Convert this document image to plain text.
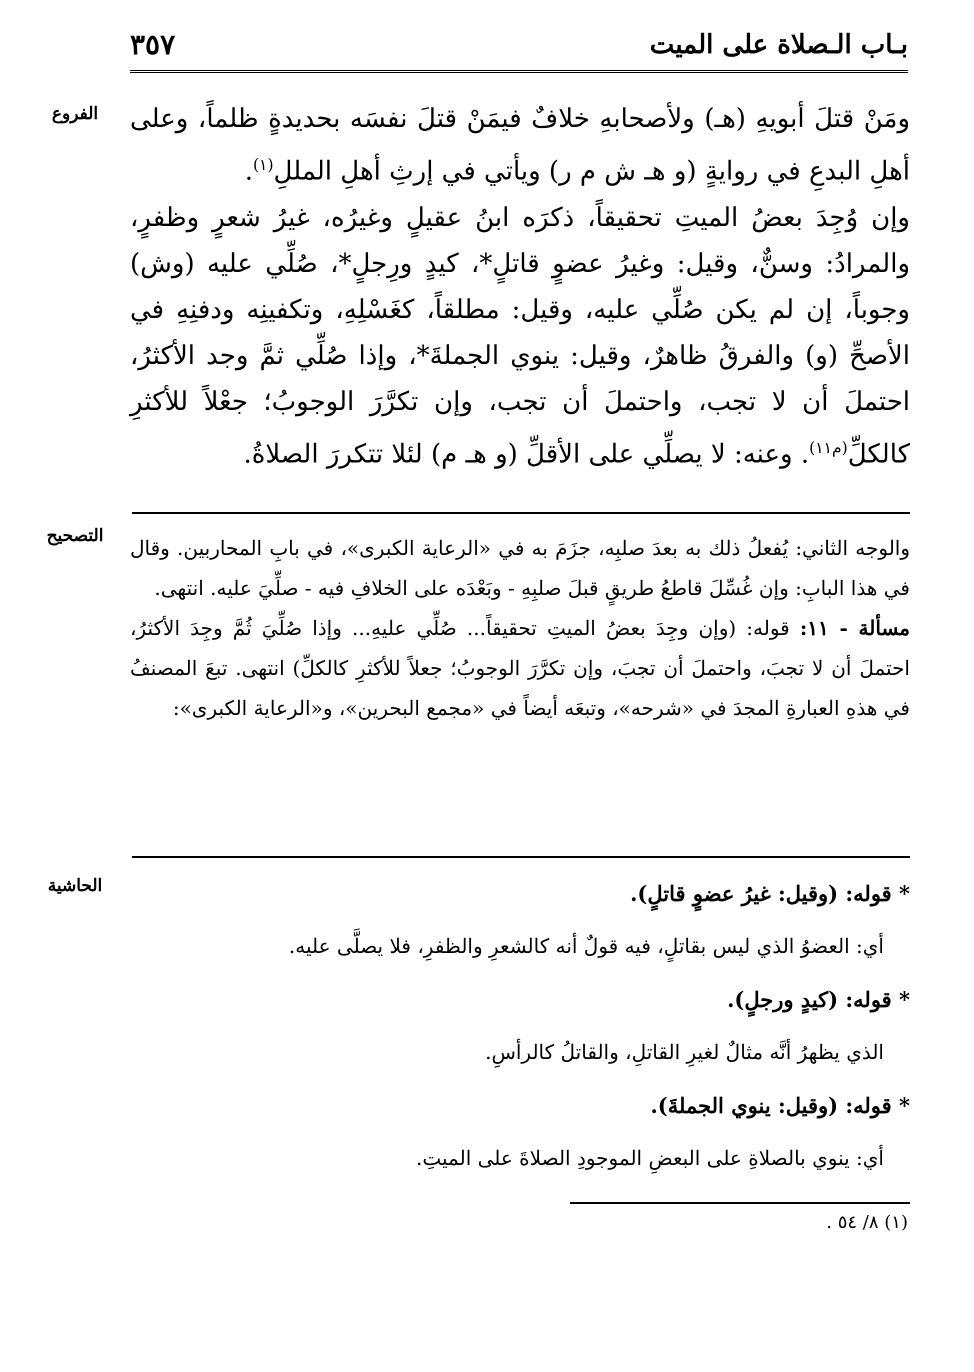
بـاب الـصلاة على الميت
٣٥٧
الفروع
التصحيح
الحاشية

ومَنْ قتلَ أبويهِ (هـ) ولأصحابهِ خلافٌ فيمَنْ قتلَ نفسَه بحديدةٍ ظلماً، وعلى أهلِ البدعِ في روايةٍ (و هـ ش م ر) ويأتي في إرثِ أهلِ المللِ$^{(١)}$.

وإن وُجِدَ بعضُ الميتِ تحقيقاً، ذكرَه ابنُ عقيلٍ وغيرُه، غيرُ شعرٍ وظفرٍ، والمرادُ: وسنٌّ، وقيل: وغيرُ عضوٍ قاتلٍ*، كيدٍ ورِجلٍ*، صُلِّي عليه (وش) وجوباً، إن لم يكن صُلِّي عليه، وقيل: مطلقاً، كغَسْلِهِ، وتكفينِه ودفنِهِ في الأصحِّ (و) والفرقُ ظاهرٌ، وقيل: ينوي الجملةَ*، وإذا صُلِّي ثمَّ وجد الأكثرُ، احتملَ أن لا تجب، واحتملَ أن تجب، وإن تكرَّرَ الوجوبُ؛ جعْلاً للأكثرِ كالكلِّ$^{(م١١)}$. وعنه: لا يصلِّي على الأقلِّ (و هـ م) لئلا تتكررَ الصلاةُ.

والوجه الثاني: يُفعلُ ذلك به بعدَ صلبِه، جزَمَ به في «الرعاية الكبرى»، في بابِ المحاربين. وقال في هذا البابِ: وإن غُسِّلَ قاطعُ طريقٍ قبلَ صلبِهِ - وبَعْدَه على الخلافِ فيه - صلِّيَ عليه. انتهى.

مسألة - ١١: قوله: (وإن وجِدَ بعضُ الميتِ تحقيقاً... صُلِّي عليهِ... وإذا صُلِّيَ ثُمَّ وجِدَ الأكثرُ، احتملَ أن لا تجبَ، واحتملَ أن تجبَ، وإن تكرَّرَ الوجوبُ؛ جعلاً للأكثرِ كالكلِّ) انتهى. تبعَ المصنفُ في هذهِ العبارةِ المجدَ في «شرحه»، وتبعَه أيضاً في «مجمع البحرين»، و«الرعاية الكبرى»:

* قوله: (وقيل: غيرُ عضوٍ قاتلٍ).
أي: العضوُ الذي ليس بقاتلٍ، فيه قولٌ أنه كالشعرِ والظفرِ، فلا يصلَّى عليه.
* قوله: (كيدٍ ورجلٍ).
الذي يظهرُ أنَّه مثالٌ لغيرِ القاتلِ، والقاتلُ كالرأسِ.
* قوله: (وقيل: ينوي الجملةَ).
أي: ينوي بالصلاةِ على البعضِ الموجودِ الصلاةَ على الميتِ.
(١) ٨/ ٥٤ .
